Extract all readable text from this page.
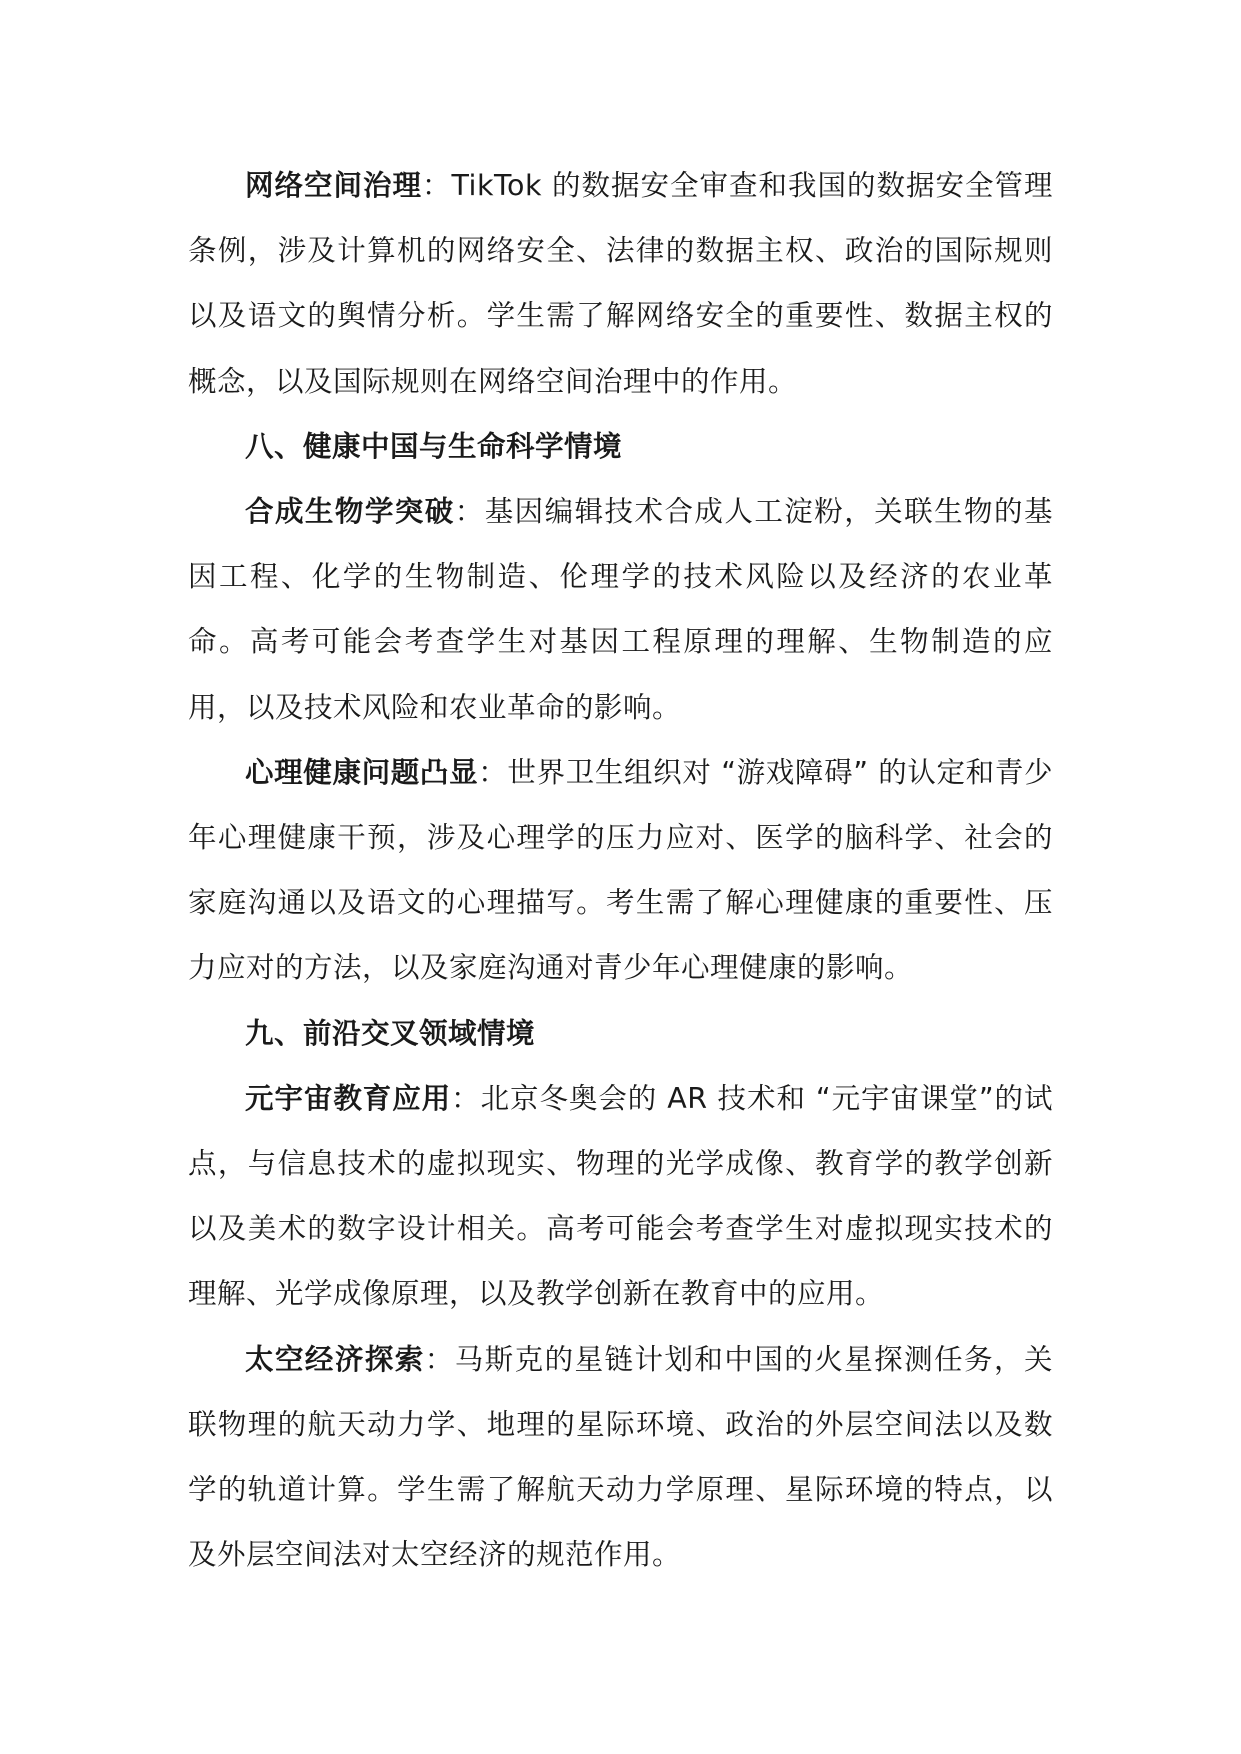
网络空间治理：TikTok 的数据安全审查和我国的数据安全管理条例，涉及计算机的网络安全、法律的数据主权、政治的国际规则以及语文的舆情分析。学生需了解网络安全的重要性、数据主权的概念，以及国际规则在网络空间治理中的作用。

八、健康中国与生命科学情境

合成生物学突破：基因编辑技术合成人工淀粉，关联生物的基因工程、化学的生物制造、伦理学的技术风险以及经济的农业革命。高考可能会考查学生对基因工程原理的理解、生物制造的应用，以及技术风险和农业革命的影响。

心理健康问题凸显：世界卫生组织对 “游戏障碍” 的认定和青少年心理健康干预，涉及心理学的压力应对、医学的脑科学、社会的家庭沟通以及语文的心理描写。考生需了解心理健康的重要性、压力应对的方法，以及家庭沟通对青少年心理健康的影响。

九、前沿交叉领域情境

元宇宙教育应用：北京冬奥会的 AR 技术和 “元宇宙课堂”的试点，与信息技术的虚拟现实、物理的光学成像、教育学的教学创新以及美术的数字设计相关。高考可能会考查学生对虚拟现实技术的理解、光学成像原理，以及教学创新在教育中的应用。

太空经济探索：马斯克的星链计划和中国的火星探测任务，关联物理的航天动力学、地理的星际环境、政治的外层空间法以及数学的轨道计算。学生需了解航天动力学原理、星际环境的特点，以及外层空间法对太空经济的规范作用。
